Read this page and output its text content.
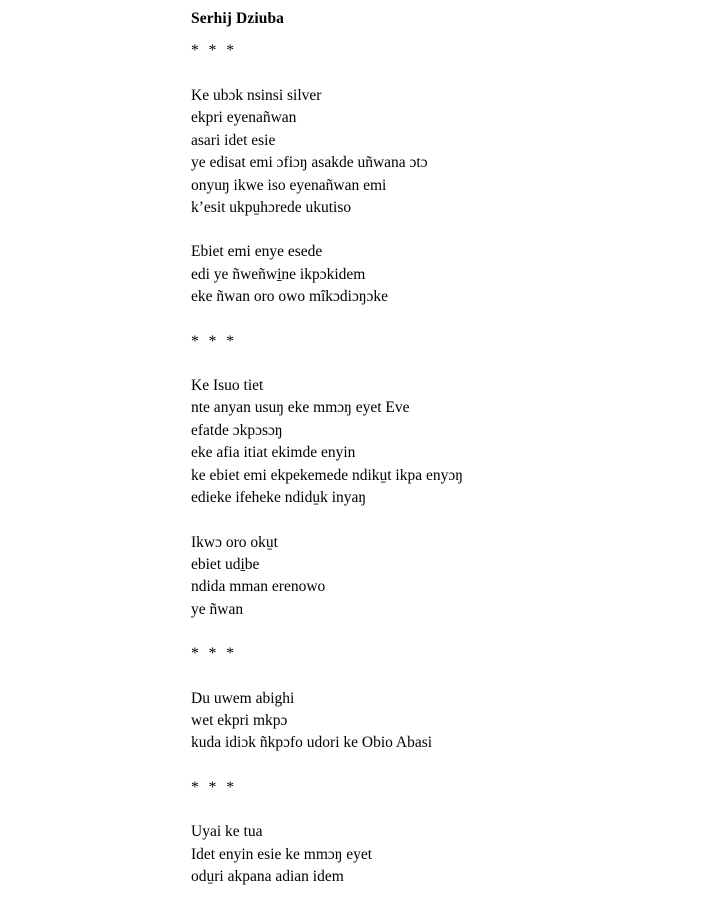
Serhij Dziuba

* * *

Ke ubɔk nsinsi silver

ekpri eyenañwan

asari idet esie

ye edisat emi ɔfiɔŋ asakde uñwana ɔtɔ

onyuŋ ikwe iso eyenañwan emi

kʼesit ukpu̱hɔrede ukutiso

Ebiet emi enye esede

edi ye ñweñwi̱ne ikpɔkidem

eke ñwan oro owo mîkɔdiɔŋɔke

* * *

Ke Isuo tiet

nte anyan usuŋ eke mmɔŋ eyet Eve

efatde ɔkpɔsɔŋ

eke afia itiat ekimde enyin

ke ebiet emi ekpekemede ndiku̱t ikpa enyɔŋ

edieke ifeheke ndidu̱k inyaŋ

Ikwɔ oro oku̱t

ebiet udi̱be

ndida mman erenowo

ye ñwan

* * *

Du uwem abighi

wet ekpri mkpɔ

kuda idiɔk ñkpɔfo udori ke Obio Abasi

* * *

Uyai ke tua

Idet enyin esie ke mmɔŋ eyet

odu̱ri akpana adian idem
